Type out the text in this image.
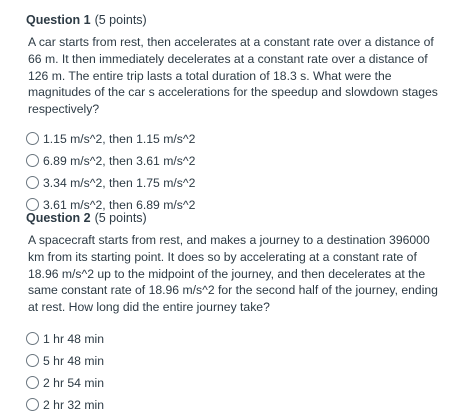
Question 1 (5 points)

A car starts from rest, then accelerates at a constant rate over a distance of 66 m. It then immediately decelerates at a constant rate over a distance of 126 m. The entire trip lasts a total duration of 18.3 s. What were the magnitudes of the car s accelerations for the speedup and slowdown stages respectively?

1.15 m/s^2, then 1.15 m/s^2
6.89 m/s^2, then 3.61 m/s^2
3.34 m/s^2, then 1.75 m/s^2
3.61 m/s^2, then 6.89 m/s^2
Question 2 (5 points)

A spacecraft starts from rest, and makes a journey to a destination 396000 km from its starting point. It does so by accelerating at a constant rate of 18.96 m/s^2 up to the midpoint of the journey, and then decelerates at the same constant rate of 18.96 m/s^2 for the second half of the journey, ending at rest. How long did the entire journey take?

1 hr 48 min
5 hr 48 min
2 hr 54 min
2 hr 32 min
